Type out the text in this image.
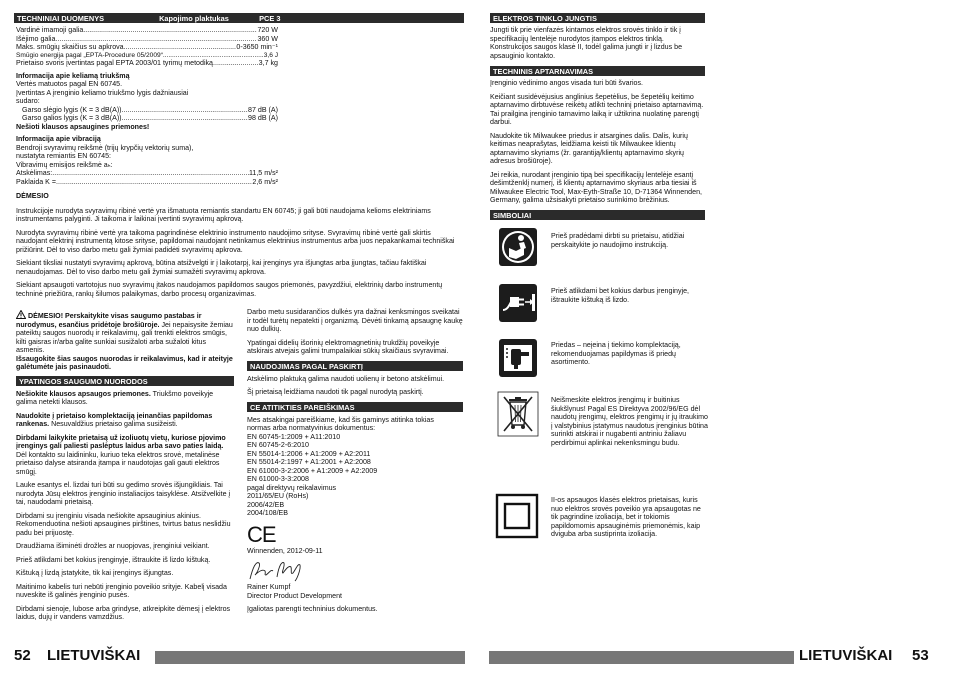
TECHNINIAI DUOMENYS	Kapojimo plaktukas	PCE 3
Vardinė imamoji galia .....	720 W
Išėjimo galia .....	360 W
Maks. smūgių skaičius su apkrova .....	0-3650 min⁻¹
Smūgio energija pagal „EPTA-Procedure 05/2009“ .....	3,6 J
Prietaiso svoris įvertintas pagal EPTA 2003/01 tyrimų metodiką. .....	3,7 kg
Informacija apie keliamą triukšmą
Vertės matuotos pagal EN 60745.
Įvertintas A įrenginio keliamo triukšmo lygis dažniausiai
sudaro:
Garso slėgio lygis (K = 3 dB(A)) .....	87 dB (A)
Garso galios lygis (K = 3 dB(A)) .....	98 dB (A)
Nešioti klausos apsaugines priemones!
Informacija apie vibraciją
Bendroji svyravimų reikšmė (trijų krypčių vektorių suma),
nustatyta remiantis EN 60745:
Vibravimų emisijos reikšmė aₕ:
Atskėlimas: .....	11,5 m/s²
Paklaida K = .....	2,6 m/s²
DĖMESIO

Instrukcijoje nurodyta svyravimų ribinė vertė yra išmatuota remiantis standartu EN 60745; ji gali būti naudojama kelioms elektriniams instrumentams palyginti. Ji taikoma ir laikinai įvertinti svyravimų apkrovą.

Nurodyta svyravimų ribinė vertė yra taikoma pagrindinėse elektrinio instrumento naudojimo srityse. Svyravimų ribinė vertė gali skirtis naudojant elektrinį instrumentą kitose srityse, papildomai naudojant netinkamus elektrinius instrumentus arba juos nepakankamai techniškai prižiūrint. Dėl to viso darbo metu gali žymiai padidėti svyravimų apkrova.

Siekiant tiksliai nustatyti svyravimų apkrovą, būtina atsižvelgti ir į laikotarpį, kai įrenginys yra išjungtas arba įjungtas, tačiau faktiškai nenaudojamas. Dėl to viso darbo metu gali žymiai sumažėti svyravimų apkrova.

Siekiant apsaugoti vartotojus nuo svyravimų įtakos naudojamos papildomos saugos priemonės, pavyzdžiui, elektrinių darbo instrumentų techninė priežiūra, rankų šilumos palaikymas, darbo procesų organizavimas.

DĖMESIO! Perskaitykite visas saugumo pastabas ir nurodymus, esančius pridėtoje brošiūroje. Jei nepaisysite žemiau pateiktų saugos nuorodų ir reikalavimų, gali trenkti elektros smūgis, kilti gaisras ir/arba galite sunkiai susižaloti arba sužaloti kitus asmenis.
Išsaugokite šias saugos nuorodas ir reikalavimus, kad ir ateityje galėtumėte jais pasinaudoti.
YPATINGOS SAUGUMO NUORODOS

Nešiokite klausos apsaugos priemones. Triukšmo poveikyje galima netekti klausos.

Naudokite į prietaiso komplektaciją įeinančias papildomas rankenas. Nesuvaldžius prietaiso galima susižeisti.

Dirbdami laikykite prietaisą už izoliuotų vietų, kuriose pjovimo įrenginys gali paliesti paslėptus laidus arba savo paties laidą. Dėl kontakto su laidininku, kuriuo teka elektros srovė, metalinėse prietaiso dalyse atsiranda įtampa ir naudotojas gali gauti elektros smūgį.

Lauke esantys el. lizdai turi būti su gedimo srovės išjungikliais. Tai nurodyta Jūsų elektros įrenginio instaliacijos taisyklėse. Atsižvelkite į tai, naudodami prietaisą.

Dirbdami su įrenginiu visada nešiokite apsauginius akinius. Rekomenduotina nešioti apsaugines pirštines, tvirtus batus neslidžiu padu bei prijuostę.

Draudžiama išiminėti drožles ar nuopjovas, įrenginiui veikiant.

Prieš atlikdami bet kokius įrenginyje, ištraukite iš lizdo kištuką.

Kištuką į lizdą įstatykite, tik kai įrenginys išjungtas.

Maitinimo kabelis turi nebūti įrenginio poveikio srityje. Kabelį visada nuveskite iš galinės įrenginio pusės.

Dirbdami sienoje, lubose arba grindyse, atkreipkite dėmesį į elektros laidus, dujų ir vandens vamzdžius.

Darbo metu susidarančios dulkės yra dažnai kenksmingos sveikatai ir todėl turėtų nepatekti į organizmą. Dėvėti tinkamą apsaugnę kaukę nuo dulkių.

Ypatingai didelių išorinių elektromagnetinių trukdžių poveikyje atskirais atvejais galimi trumpalaikiai sūkių skaičiaus svyravimai.

NAUDOJIMAS PAGAL PASKIRTĮ

Atskėlimo plaktuką galima naudoti uolienų ir betono atskėlimui.

Šį prietaisą leidžiama naudoti tik pagal nurodytą paskirtį.

CE ATITIKTIES PAREIŠKIMAS
Mes atsakingai pareiškiame, kad šis gaminys atitinka tokias
normas arba normatyvinius dokumentus:
EN 60745-1:2009 + A11:2010
EN 60745-2-6:2010
EN 55014-1:2006 + A1:2009 + A2:2011
EN 55014-2:1997 + A1:2001 + A2:2008
EN 61000-3-2:2006 + A1:2009 + A2:2009
EN 61000-3-3:2008
pagal direktyvų reikalavimus
2011/65/EU (RoHs)
2006/42/EB
2004/108/EB
CE
Winnenden, 2012-09-11
Rainer Kumpf
Director Product Development
Įgaliotas parengti techninius dokumentus.
52 LIETUVIŠKAI
ELEKTROS TINKLO JUNGTIS

Jungti tik prie vienfazės kintamos elektros srovės tinklo ir tik į specifikacijų lentelėje nurodytos įtampos elektros tinklą. Konstrukcijos saugos klasė II, todėl galima jungti ir į lizdus be apsauginio kontakto.

TECHNINIS APTARNAVIMAS

Įrenginio vėdinimo angos visada turi būti švarios.

Keičiant susidėvėjusius anglinius šepetėlius, be šepetėlių keitimo aptarnavimo dirbtuvėse reikėtų atlikti techninį prietaiso aptarnavimą. Tai prailgina įrenginio tarnavimo laiką ir užtikrina nuolatinę parengtį darbui.

Naudokite tik Milwaukee priedus ir atsargines dalis. Dalis, kurių keitimas neaprašytas, leidžiama keisti tik Milwaukee klientų aptarnavimo skyriams (žr. garantiją/klientų aptarnavimo skyrių adresus brošiūroje).

Jei reikia, nurodant įrenginio tipą bei specifikacijų lentelėje esantį dešimtženklį numerį, iš klientų aptarnavimo skyriaus arba tiesiai iš Milwaukee Electric Tool, Max-Eyth-Straße 10, D-71364 Winnenden, Germany, galima užsisakyti prietaiso surinkimo brėžinius.

SIMBOLIAI
Prieš pradėdami dirbti su prietaisu, atidžiai perskaitykite jo naudojimo instrukciją.
Prieš atlikdami bet kokius darbus įrenginyje, ištraukite kištuką iš lizdo.
Priedas – neįeina į tiekimo komplektaciją, rekomenduojamas papildymas iš priedų asortimento.
Neišmeskite elektros įrengimų ir buitinius šiukšlynus! Pagal ES Direktyva 2002/96/EG dėl naudotų įrengimų, elektros įrengimų ir jų itraukimo į valstybinius įstatymus naudotus įrenginius būtina surinkti atskirai ir nugabenti antriniu žaliavu perdirbimui aplinkai nekenksmingu budu.
II-os apsaugos klasės elektros prietaisas, kuris nuo elektros srovės poveikio yra apsaugotas ne tik pagrindine izoliacija, bet ir tokiomis papildomomis apsauginėmis priemonėmis, kaip dviguba arba sustiprinta izoliacija.
LIETUVIŠKAI 53
